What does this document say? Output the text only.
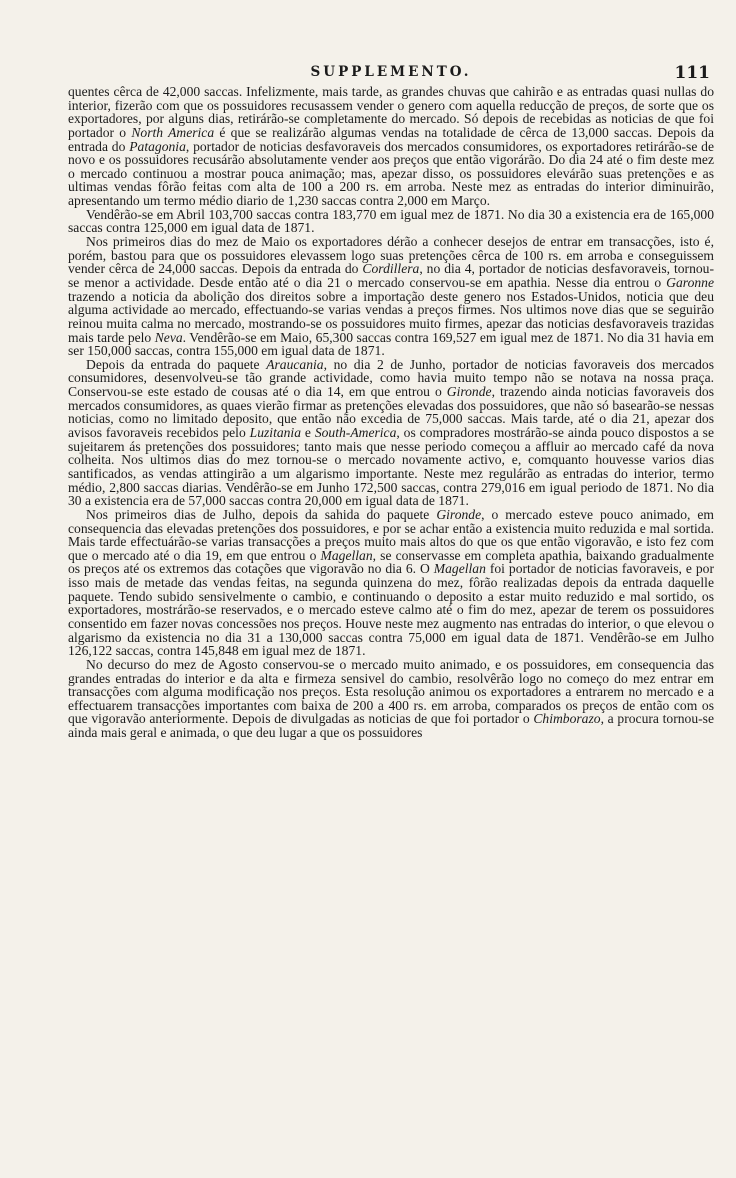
SUPPLEMENTO.	111

quentes cêrca de 42,000 saccas. Infelizmente, mais tarde, as grandes chuvas que cahirão e as entradas quasi nullas do interior, fizerão com que os possuidores recusassem vender o genero com aquella reducção de preços, de sorte que os exportadores, por alguns dias, retirárão-se completamente do mercado. Só depois de recebidas as noticias de que foi portador o North America é que se realizárão algumas vendas na totalidade de cêrca de 13,000 saccas. Depois da entrada do Patagonia, portador de noticias desfavoraveis dos mercados consumidores, os exportadores retirárão-se de novo e os possuidores recusárão absolutamente vender aos preços que então vigorárão. Do dia 24 até o fim deste mez o mercado continuou a mostrar pouca animação; mas, apezar disso, os possuidores elevárão suas pretenções e as ultimas vendas fôrão feitas com alta de 100 a 200 rs. em arroba. Neste mez as entradas do interior diminuirão, apresentando um termo médio diario de 1,230 saccas contra 2,000 em Março.

Vendêrão-se em Abril 103,700 saccas contra 183,770 em igual mez de 1871. No dia 30 a existencia era de 165,000 saccas contra 125,000 em igual data de 1871.

Nos primeiros dias do mez de Maio os exportadores dérão a conhecer desejos de entrar em transacções, isto é, porém, bastou para que os possuidores elevassem logo suas pretenções cêrca de 100 rs. em arroba e conseguissem vender cêrca de 24,000 saccas. Depois da entrada do Cordillera, no dia 4, portador de noticias desfavoraveis, tornou-se menor a actividade. Desde então até o dia 21 o mercado conservou-se em apathia. Nesse dia entrou o Garonne trazendo a noticia da abolição dos direitos sobre a importação deste genero nos Estados-Unidos, noticia que deu alguma actividade ao mercado, effectuando-se varias vendas a preços firmes. Nos ultimos nove dias que se seguirão reinou muita calma no mercado, mostrando-se os possuidores muito firmes, apezar das noticias desfavoraveis trazidas mais tarde pelo Neva. Vendêrão-se em Maio, 65,300 saccas contra 169,527 em igual mez de 1871. No dia 31 havia em ser 150,000 saccas, contra 155,000 em igual data de 1871.

Depois da entrada do paquete Araucania, no dia 2 de Junho, portador de noticias favoraveis dos mercados consumidores, desenvolveu-se tão grande actividade, como havia muito tempo não se notava na nossa praça. Conservou-se este estado de cousas até o dia 14, em que entrou o Gironde, trazendo ainda noticias favoraveis dos mercados consumidores, as quaes vierão firmar as pretenções elevadas dos possuidores, que não só basearão-se nessas noticias, como no limitado deposito, que então não excedia de 75,000 saccas. Mais tarde, até o dia 21, apezar dos avisos favoraveis recebidos pelo Luzitania e South-America, os compradores mostrárão-se ainda pouco dispostos a se sujeitarem ás pretenções dos possuidores; tanto mais que nesse periodo começou a affluir ao mercado café da nova colheita. Nos ultimos dias do mez tornou-se o mercado novamente activo, e, comquanto houvesse varios dias santificados, as vendas attingirão a um algarismo importante. Neste mez regulárão as entradas do interior, termo médio, 2,800 saccas diarias. Vendêrão-se em Junho 172,500 saccas, contra 279,016 em igual periodo de 1871. No dia 30 a existencia era de 57,000 saccas contra 20,000 em igual data de 1871.

Nos primeiros dias de Julho, depois da sahida do paquete Gironde, o mercado esteve pouco animado, em consequencia das elevadas pretenções dos possuidores, e por se achar então a existencia muito reduzida e mal sortida. Mais tarde effectuárão-se varias transacções a preços muito mais altos do que os que então vigoravão, e isto fez com que o mercado até o dia 19, em que entrou o Magellan, se conservasse em completa apathia, baixando gradualmente os preços até os extremos das cotações que vigoravão no dia 6. O Magellan foi portador de noticias favoraveis, e por isso mais de metade das vendas feitas, na segunda quinzena do mez, fôrão realizadas depois da entrada daquelle paquete. Tendo subido sensivelmente o cambio, e continuando o deposito a estar muito reduzido e mal sortido, os exportadores, mostrárão-se reservados, e o mercado esteve calmo até o fim do mez, apezar de terem os possuidores consentido em fazer novas concessões nos preços. Houve neste mez augmento nas entradas do interior, o que elevou o algarismo da existencia no dia 31 a 130,000 saccas contra 75,000 em igual data de 1871. Vendêrão-se em Julho 126,122 saccas, contra 145,848 em igual mez de 1871.

No decurso do mez de Agosto conservou-se o mercado muito animado, e os possuidores, em consequencia das grandes entradas do interior e da alta e firmeza sensivel do cambio, resolvêrão logo no começo do mez entrar em transacções com alguma modificação nos preços. Esta resolução animou os exportadores a entrarem no mercado e a effectuarem transacções importantes com baixa de 200 a 400 rs. em arroba, comparados os preços de então com os que vigoravão anteriormente. Depois de divulgadas as noticias de que foi portador o Chimborazo, a procura tornou-se ainda mais geral e animada, o que deu lugar a que os possuidores
